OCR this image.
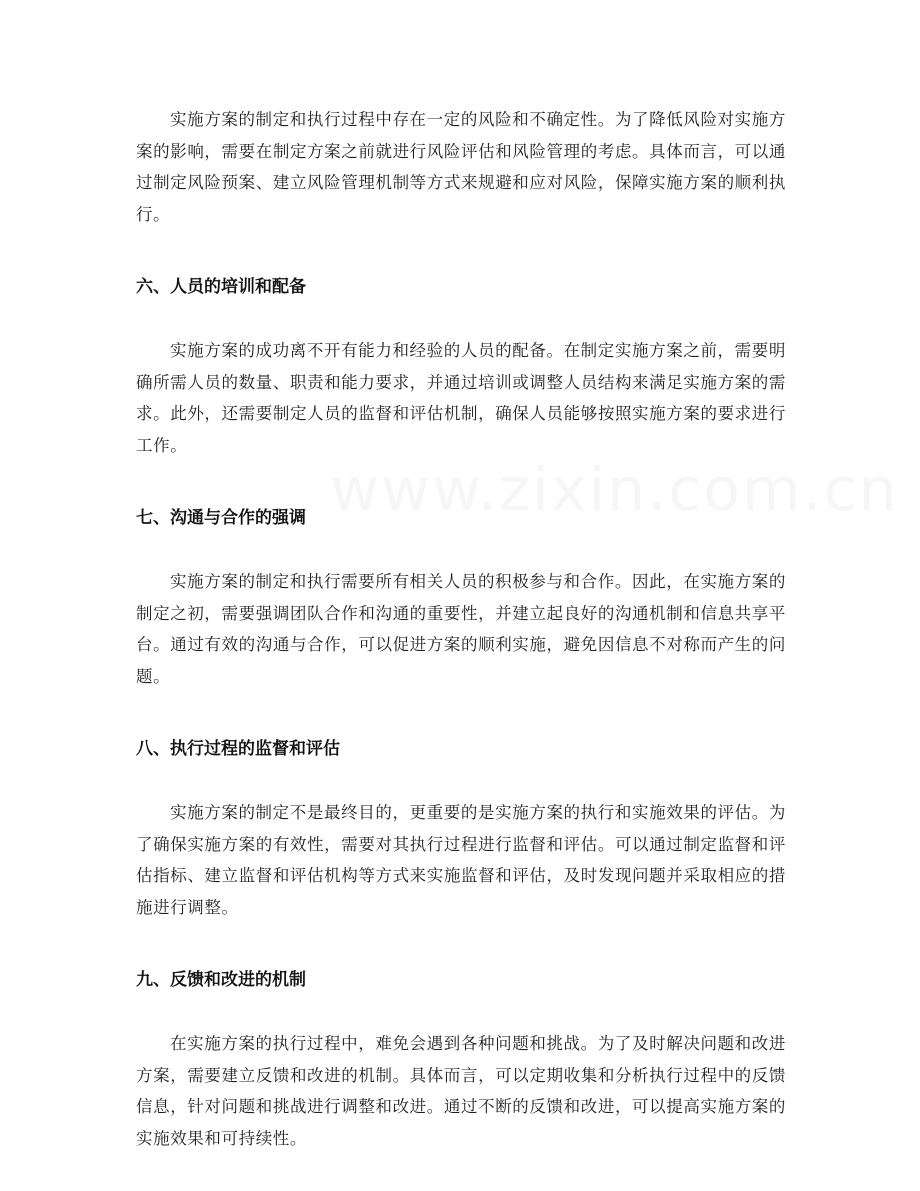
实施方案的制定和执行过程中存在一定的风险和不确定性。为了降低风险对实施方案的影响，需要在制定方案之前就进行风险评估和风险管理的考虑。具体而言，可以通过制定风险预案、建立风险管理机制等方式来规避和应对风险，保障实施方案的顺利执行。

六、人员的培训和配备

实施方案的成功离不开有能力和经验的人员的配备。在制定实施方案之前，需要明确所需人员的数量、职责和能力要求，并通过培训或调整人员结构来满足实施方案的需求。此外，还需要制定人员的监督和评估机制，确保人员能够按照实施方案的要求进行工作。

七、沟通与合作的强调

实施方案的制定和执行需要所有相关人员的积极参与和合作。因此，在实施方案的制定之初，需要强调团队合作和沟通的重要性，并建立起良好的沟通机制和信息共享平台。通过有效的沟通与合作，可以促进方案的顺利实施，避免因信息不对称而产生的问题。

八、执行过程的监督和评估

实施方案的制定不是最终目的，更重要的是实施方案的执行和实施效果的评估。为了确保实施方案的有效性，需要对其执行过程进行监督和评估。可以通过制定监督和评估指标、建立监督和评估机构等方式来实施监督和评估，及时发现问题并采取相应的措施进行调整。

九、反馈和改进的机制

在实施方案的执行过程中，难免会遇到各种问题和挑战。为了及时解决问题和改进方案，需要建立反馈和改进的机制。具体而言，可以定期收集和分析执行过程中的反馈信息，针对问题和挑战进行调整和改进。通过不断的反馈和改进，可以提高实施方案的实施效果和可持续性。
